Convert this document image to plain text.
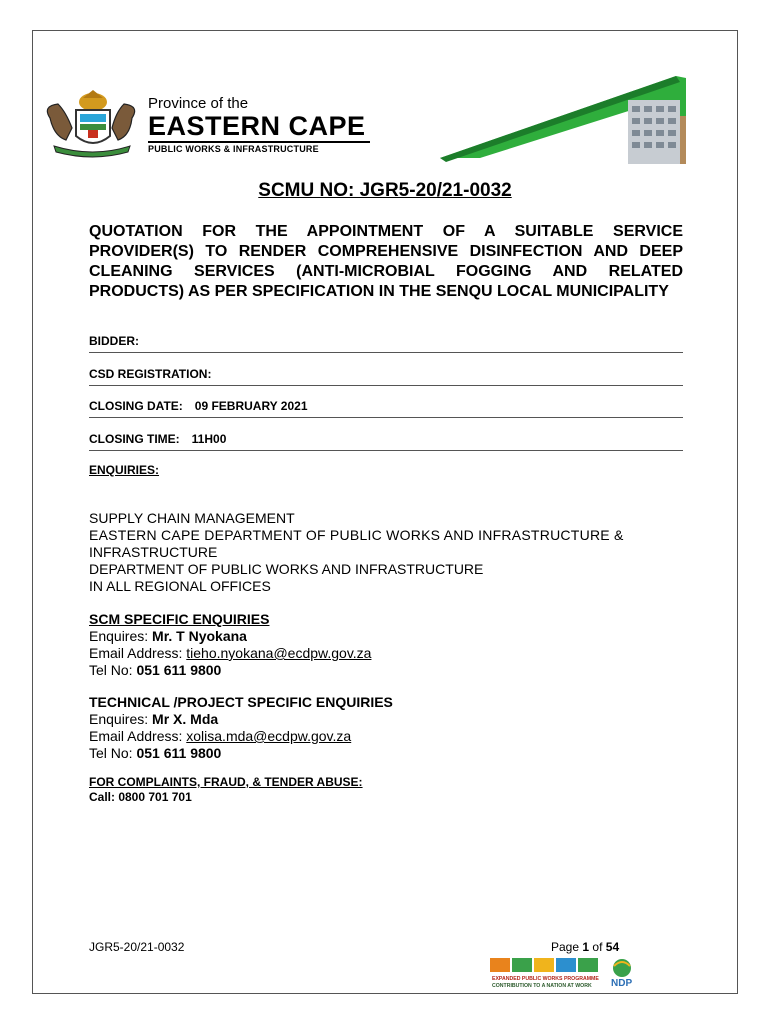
Province of the
EASTERN CAPE
PUBLIC WORKS & INFRASTRUCTURE
SCMU NO: JGR5-20/21-0032
QUOTATION FOR THE APPOINTMENT OF A SUITABLE SERVICE PROVIDER(S) TO RENDER COMPREHENSIVE DISINFECTION AND DEEP CLEANING SERVICES (ANTI-MICROBIAL FOGGING AND RELATED PRODUCTS) AS PER SPECIFICATION IN THE SENQU LOCAL MUNICIPALITY
BIDDER:
CSD REGISTRATION:
CLOSING DATE: 09 FEBRUARY 2021
CLOSING TIME: 11H00
ENQUIRIES:
SUPPLY CHAIN MANAGEMENT
EASTERN CAPE DEPARTMENT OF PUBLIC WORKS AND INFRASTRUCTURE &
INFRASTRUCTURE
DEPARTMENT OF PUBLIC WORKS AND INFRASTRUCTURE
IN ALL REGIONAL OFFICES
SCM SPECIFIC ENQUIRIES
Enquires: Mr. T Nyokana
Email Address: tieho.nyokana@ecdpw.gov.za
Tel No: 051 611 9800
TECHNICAL /PROJECT SPECIFIC ENQUIRIES
Enquires: Mr X. Mda
Email Address: xolisa.mda@ecdpw.gov.za
Tel No: 051 611 9800
FOR COMPLAINTS, FRAUD, & TENDER ABUSE:
Call: 0800 701 701
JGR5-20/21-0032	Page 1 of 54
EXPANDED PUBLIC WORKS PROGRAMME
CONTRIBUTION TO A NATION AT WORK NDP
